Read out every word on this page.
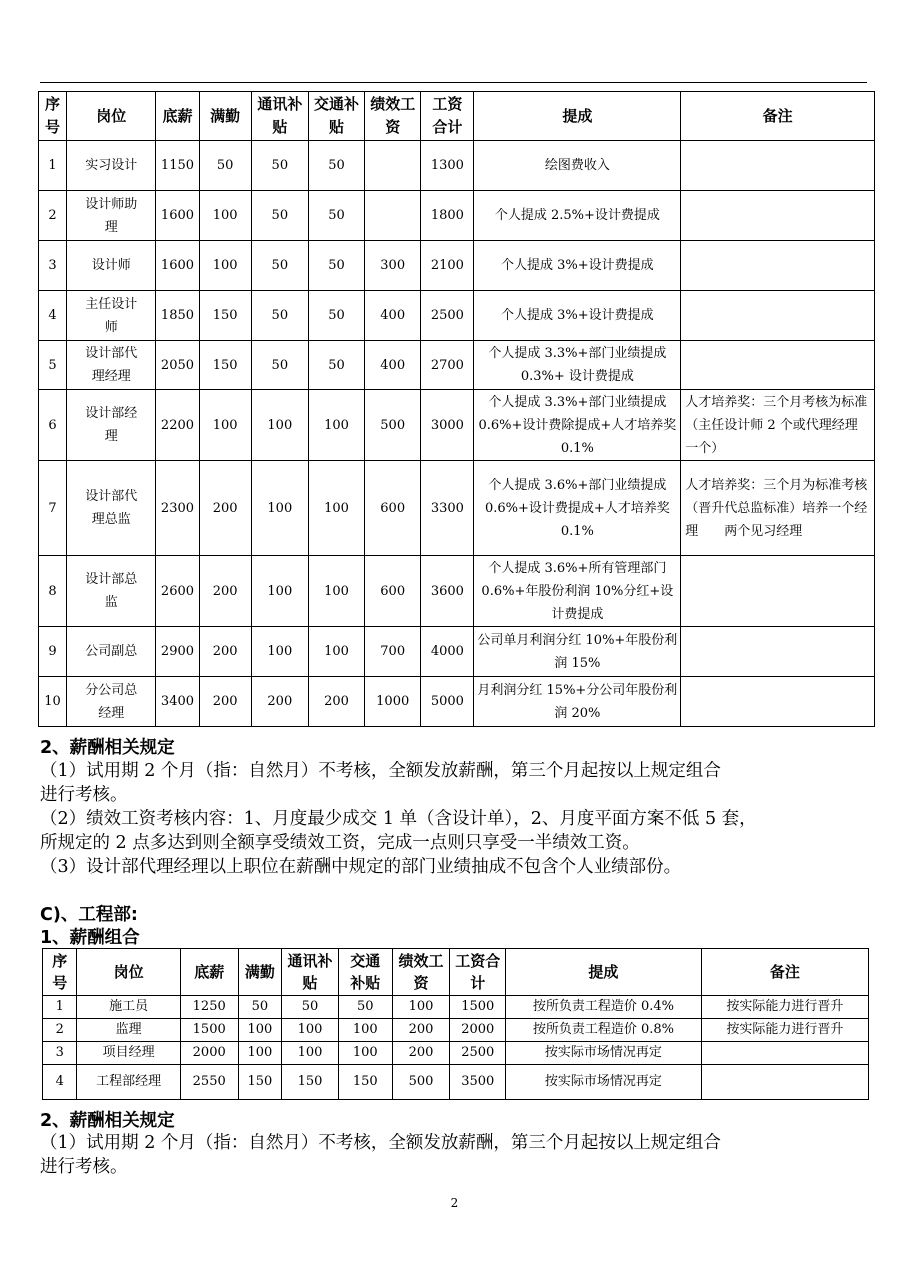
序号	岗位	底薪	满勤	通讯补贴	交通补贴	绩效工资	工资合计	提成	备注
1	实习设计	1150	50	50	50		1300	绘图费收入	
2	设计师助理	1600	100	50	50		1800	个人提成 2.5%+设计费提成	
3	设计师	1600	100	50	50	300	2100	个人提成 3%+设计费提成	
4	主任设计师	1850	150	50	50	400	2500	个人提成 3%+设计费提成	
5	设计部代理经理	2050	150	50	50	400	2700	个人提成 3.3%+部门业绩提成 0.3%+ 设计费提成	
6	设计部经理	2200	100	100	100	500	3000	个人提成 3.3%+部门业绩提成 0.6%+设计费除提成+人才培养奖 0.1%	人才培养奖：三个月考核为标准（主任设计师 2 个或代理经理一个）
7	设计部代理总监	2300	200	100	100	600	3300	个人提成 3.6%+部门业绩提成 0.6%+设计费提成+人才培养奖 0.1%	人才培养奖：三个月为标准考核（晋升代总监标准）培养一个经理　　两个见习经理
8	设计部总监	2600	200	100	100	600	3600	个人提成 3.6%+所有管理部门 0.6%+年股份利润 10%分红+设计费提成	
9	公司副总	2900	200	100	100	700	4000	公司单月利润分红 10%+年股份利润 15%	
10	分公司总经理	3400	200	200	200	1000	5000	月利润分红 15%+分公司年股份利润 20%	
2、薪酬相关规定
（1）试用期 2 个月（指：自然月）不考核，全额发放薪酬，第三个月起按以上规定组合
进行考核。
（2）绩效工资考核内容：1、月度最少成交 1 单（含设计单），2、月度平面方案不低 5 套，
所规定的 2 点多达到则全额享受绩效工资，完成一点则只享受一半绩效工资。
（3）设计部代理经理以上职位在薪酬中规定的部门业绩抽成不包含个人业绩部份。
C)、工程部:
1、薪酬组合
序号	岗位	底薪	满勤	通讯补贴	交通补贴	绩效工资	工资合计	提成	备注
1	施工员	1250	50	50	50	100	1500	按所负责工程造价 0.4%	按实际能力进行晋升
2	监理	1500	100	100	100	200	2000	按所负责工程造价 0.8%	按实际能力进行晋升
3	项目经理	2000	100	100	100	200	2500	按实际市场情况再定	
4	工程部经理	2550	150	150	150	500	3500	按实际市场情况再定	
2、薪酬相关规定
（1）试用期 2 个月（指：自然月）不考核，全额发放薪酬，第三个月起按以上规定组合
进行考核。
2
